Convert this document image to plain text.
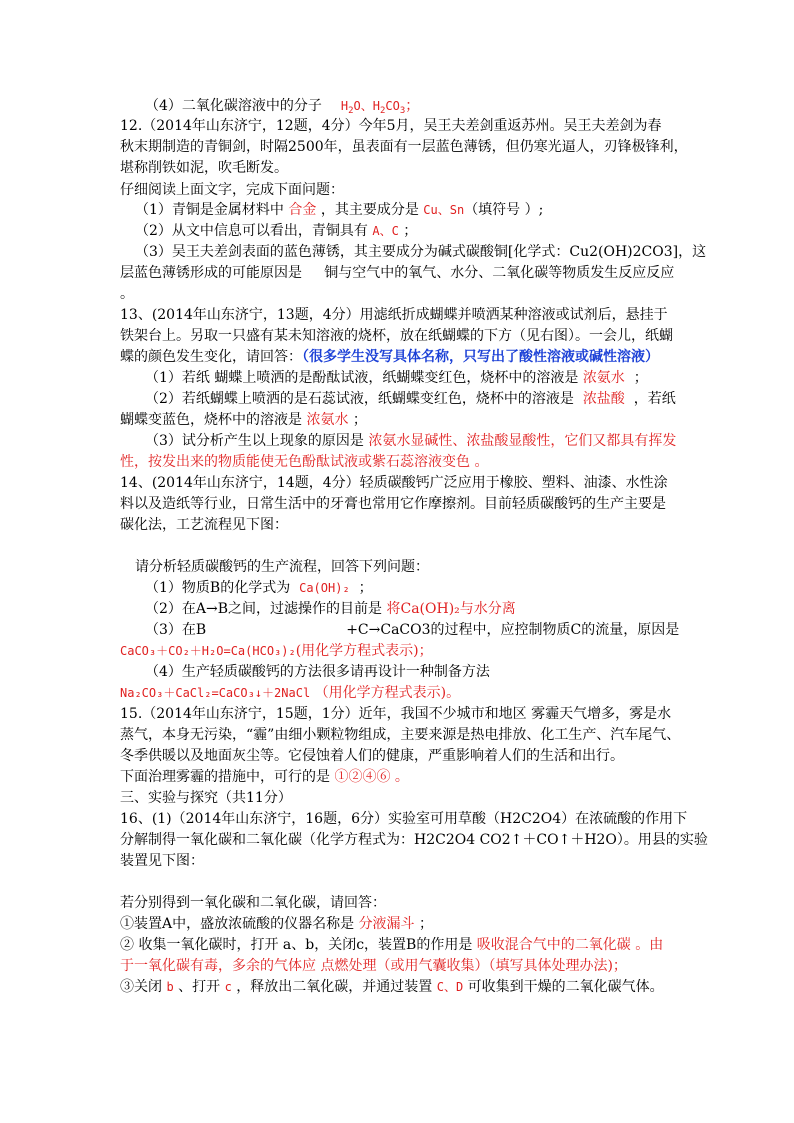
（4）二氧化碳溶液中的分子 $H_2O$、$H_2CO_3$；
12.（2014年山东济宁，12题，4分）今年5月，吴王夫差剑重返苏州。吴王夫差剑为春
秋末期制造的青铜剑，时隔2500年，虽表面有一层蓝色薄锈，但仍寒光逼人，刃锋极锋利，
堪称削铁如泥，吹毛断发。
仔细阅读上面文字，完成下面问题：
（1）青铜是金属材料中 合金 ，其主要成分是 Cu、Sn（填符号 ）;
（2）从文中信息可以看出，青铜具有 A、C ；
（3）吴王夫差剑表面的蓝色薄锈，其主要成分为碱式碳酸铜[化学式：Cu2(OH)2CO3]，这
层蓝色薄锈形成的可能原因是 铜与空气中的氧气、水分、二氧化碳等物质发生反应反应
。
13、(2014年山东济宁，13题，4分）用滤纸折成蝴蝶并喷洒某种溶液或试剂后，悬挂于
铁架台上。另取一只盛有某未知溶液的烧杯，放在纸蝴蝶的下方（见右图）。一会儿，纸蝴
蝶的颜色发生变化，请回答：（很多学生没写具体名称，只写出了酸性溶液或碱性溶液）
（1）若纸 蝴蝶上喷洒的是酚酞试液，纸蝴蝶变红色，烧杯中的溶液是 浓氨水 ；
（2）若纸蝴蝶上喷洒的是石蕊试液，纸蝴蝶变红色，烧杯中的溶液是 浓盐酸 ，若纸
蝴蝶变蓝色，烧杯中的溶液是 浓氨水 ；
（3）试分析产生以上现象的原因是 浓氨水显碱性、浓盐酸显酸性，它们又都具有挥发
性，按发出来的物质能使无色酚酞试液或紫石蕊溶液变色 。
14、(2014年山东济宁，14题，4分）轻质碳酸钙广泛应用于橡胶、塑料、油漆、水性涂
料以及造纸等行业，日常生活中的牙膏也常用它作摩擦剂。目前轻质碳酸钙的生产主要是
碳化法，工艺流程见下图：
请分析轻质碳酸钙的生产流程，回答下列问题：
（1）物质B的化学式为 Ca(OH)₂ ；
（2）在A→B之间，过滤操作的目前是 将Ca(OH)₂与水分离
（3）在B	+C→CaCO3的过程中，应控制物质C的流量，原因是
CaCO₃＋CO₂＋H₂O=Ca(HCO₃)₂(用化学方程式表示)；
（4）生产轻质碳酸钙的方法很多请再设计一种制备方法
Na₂CO₃＋CaCl₂=CaCO₃↓＋2NaCl （用化学方程式表示)。
15.（2014年山东济宁，15题，1分）近年，我国不少城市和地区 雾霾天气增多，雾是水
蒸气，本身无污染，“霾”由细小颗粒物组成，主要来源是热电排放、化工生产、汽车尾气、
冬季供暖以及地面灰尘等。它侵蚀着人们的健康，严重影响着人们的生活和出行。
下面治理雾霾的措施中，可行的是 ①②④⑥ 。
三、实验与探究（共11分）
16、(1)（2014年山东济宁，16题，6分）实验室可用草酸（H2C2O4）在浓硫酸的作用下
分解制得一氧化碳和二氧化碳（化学方程式为：H2C2O4 CO2↑＋CO↑＋H2O）。用县的实验
装置见下图：
若分别得到一氧化碳和二氧化碳，请回答：
①装置A中，盛放浓硫酸的仪器名称是 分液漏斗 ；
② 收集一氧化碳时，打开 a、b，关闭c，装置B的作用是 吸收混合气中的二氧化碳 。由
于一氧化碳有毒，多余的气体应 点燃处理（或用气囊收集）（填写具体处理办法)；
③关闭 b 、打开 c ，释放出二氧化碳，并通过装置 C、D 可收集到干燥的二氧化碳气体。
